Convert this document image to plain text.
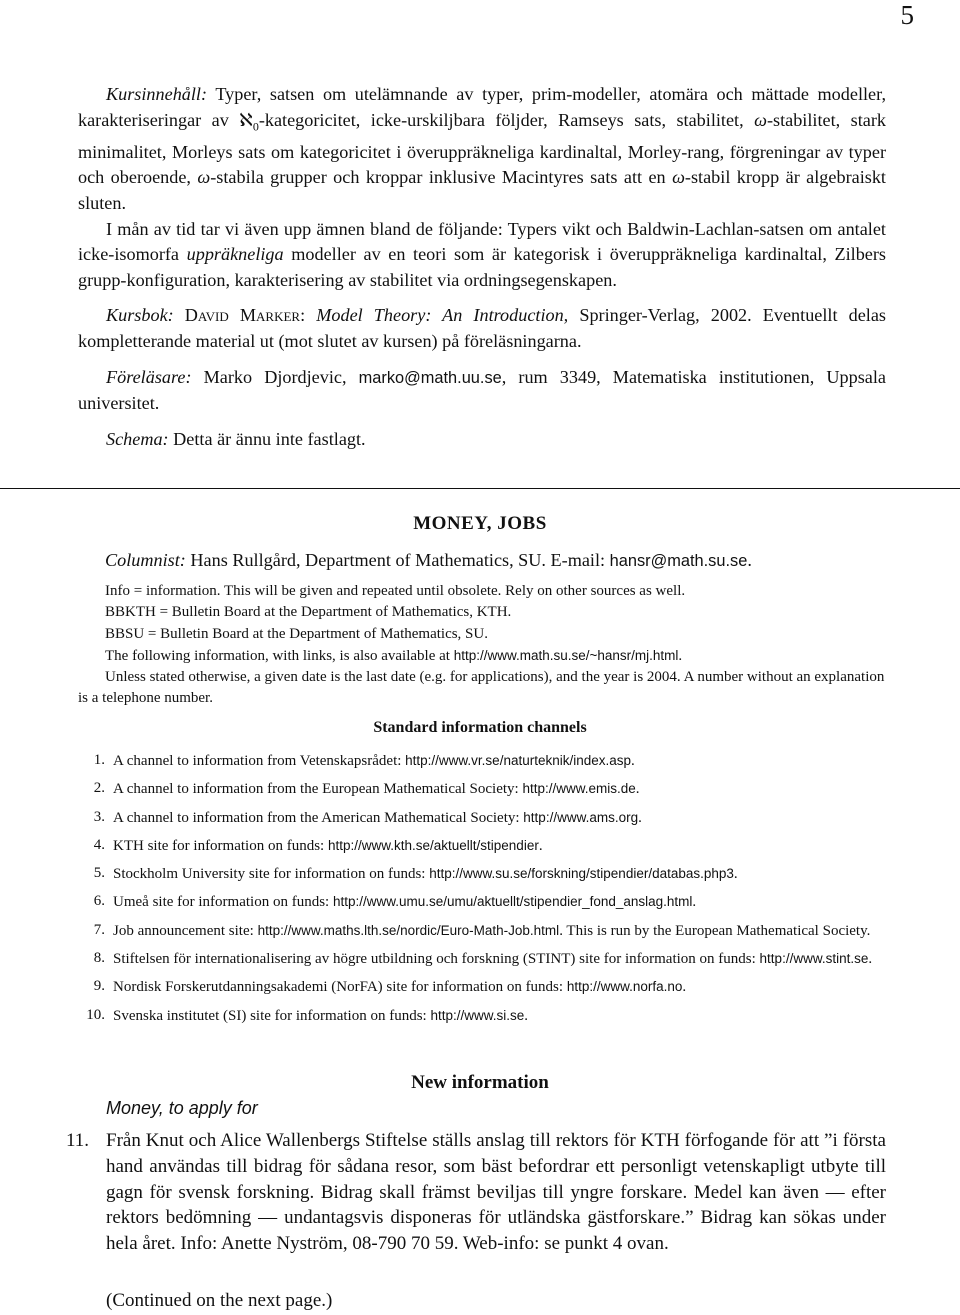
5

Kursinnehåll: Typer, satsen om utelämnande av typer, prim-modeller, atomära och mättade modeller, karakteriseringar av ℵ$_0$-kategoricitet, icke-urskiljbara följder, Ramseys sats, stabilitet, ω-stabilitet, stark minimalitet, Morleys sats om kategoricitet i överuppräkneliga kardinaltal, Morley-rang, förgreningar av typer och oberoende, ω-stabila grupper och kroppar inklusive Macintyres sats att en ω-stabil kropp är algebraiskt sluten.

I mån av tid tar vi även upp ämnen bland de följande: Typers vikt och Baldwin-Lachlan-satsen om antalet icke-isomorfa uppräkneliga modeller av en teori som är kategorisk i överuppräkneliga kardinaltal, Zilbers grupp-konfiguration, karakterisering av stabilitet via ordningsegenskapen.

Kursbok: David Marker: Model Theory: An Introduction, Springer-Verlag, 2002. Eventuellt delas kompletterande material ut (mot slutet av kursen) på föreläsningarna.

Föreläsare: Marko Djordjevic, marko@math.uu.se, rum 3349, Matematiska institutionen, Uppsala universitet.

Schema: Detta är ännu inte fastlagt.

MONEY, JOBS
Columnist: Hans Rullgård, Department of Mathematics, SU. E-mail: hansr@math.su.se.
Info = information. This will be given and repeated until obsolete. Rely on other sources as well.
BBKTH = Bulletin Board at the Department of Mathematics, KTH.
BBSU = Bulletin Board at the Department of Mathematics, SU.
The following information, with links, is also available at http://www.math.su.se/~hansr/mj.html.
Unless stated otherwise, a given date is the last date (e.g. for applications), and the year is 2004. A number without an explanation is a telephone number.
Standard information channels
1. A channel to information from Vetenskapsrådet: http://www.vr.se/naturteknik/index.asp.
2. A channel to information from the European Mathematical Society: http://www.emis.de.
3. A channel to information from the American Mathematical Society: http://www.ams.org.
4. KTH site for information on funds: http://www.kth.se/aktuellt/stipendier.
5. Stockholm University site for information on funds: http://www.su.se/forskning/stipendier/databas.php3.
6. Umeå site for information on funds: http://www.umu.se/umu/aktuellt/stipendier_fond_anslag.html.
7. Job announcement site: http://www.maths.lth.se/nordic/Euro-Math-Job.html. This is run by the European Mathematical Society.
8. Stiftelsen för internationalisering av högre utbildning och forskning (STINT) site for information on funds: http://www.stint.se.
9. Nordisk Forskerutdanningsakademi (NorFA) site for information on funds: http://www.norfa.no.
10. Svenska institutet (SI) site for information on funds: http://www.si.se.
New information
Money, to apply for
11. Från Knut och Alice Wallenbergs Stiftelse ställs anslag till rektors för KTH förfogande för att ”i första hand användas till bidrag för sådana resor, som bäst befordrar ett personligt vetenskapligt utbyte till gagn för svensk forskning. Bidrag skall främst beviljas till yngre forskare. Medel kan även — efter rektors bedömning — undantagsvis disponeras för utländska gästforskare.” Bidrag kan sökas under hela året. Info: Anette Nyström, 08-790 70 59. Web-info: se punkt 4 ovan.
(Continued on the next page.)
